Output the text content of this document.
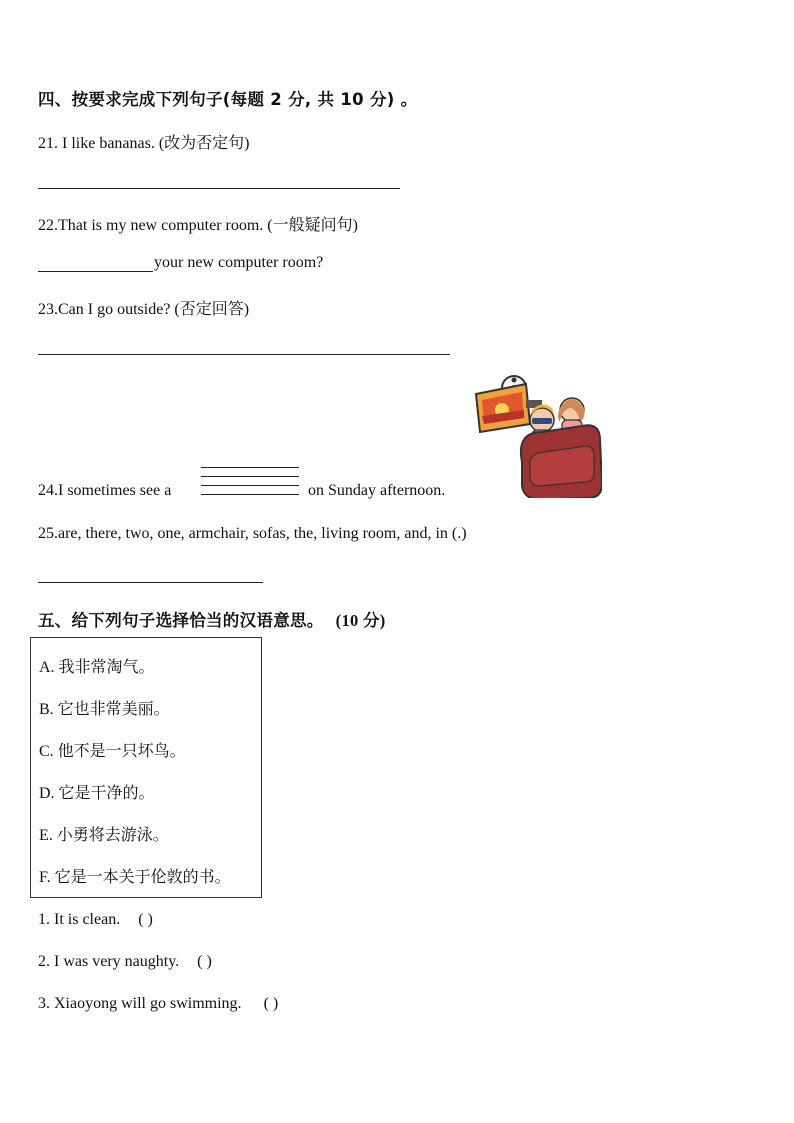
四、按要求完成下列句子(每题 2 分, 共 10 分) 。
21. I like bananas. (改为否定句)
22.That is my new computer room. (一般疑问句)
your new computer room?
23.Can I go outside? (否定回答)
24.I sometimes see a	on Sunday afternoon.
25.are, there, two, one, armchair, sofas, the, living room, and, in (.)
五、给下列句子选择恰当的汉语意思。 (10 分)
A. 我非常淘气。
B. 它也非常美丽。
C. 他不是一只坏鸟。
D. 它是干净的。
E. 小勇将去游泳。
F. 它是一本关于伦敦的书。
1. It is clean. ( )
2. I was very naughty. ( )
3. Xiaoyong will go swimming. ( )
